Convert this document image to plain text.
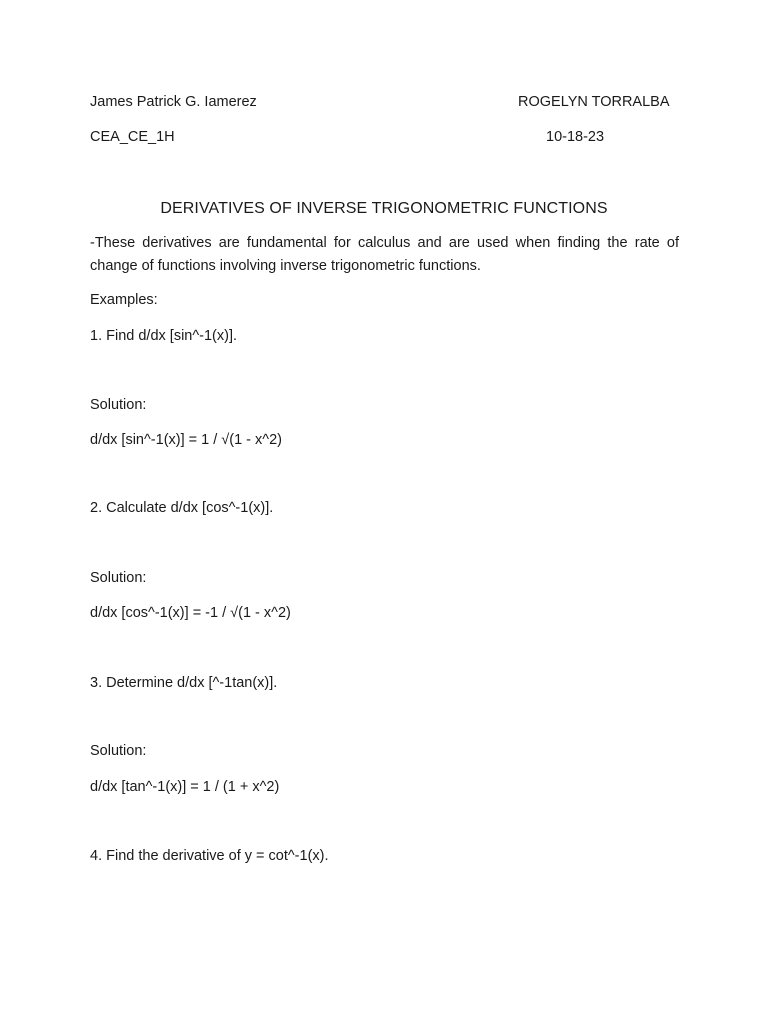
James Patrick G. Iamerez	ROGELYN TORRALBA
CEA_CE_1H	10-18-23
DERIVATIVES OF INVERSE TRIGONOMETRIC FUNCTIONS
-These derivatives are fundamental for calculus and are used when finding the rate of change of functions involving inverse trigonometric functions.
Examples:
1. Find d/dx [sin^-1(x)].
Solution:
d/dx [sin^-1(x)] = 1 / √(1 - x^2)
2. Calculate d/dx [cos^-1(x)].
Solution:
d/dx [cos^-1(x)] = -1 / √(1 - x^2)
3. Determine d/dx [^-1tan(x)].
Solution:
d/dx [tan^-1(x)] = 1 / (1 + x^2)
4. Find the derivative of y = cot^-1(x).
